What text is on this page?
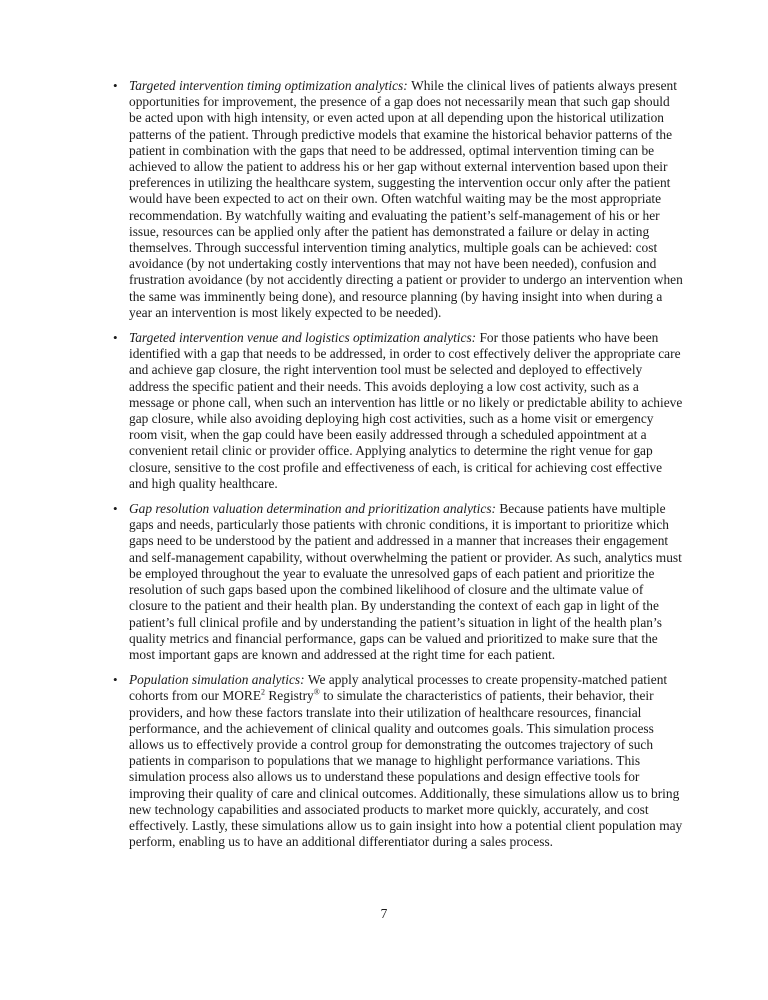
• Targeted intervention timing optimization analytics: While the clinical lives of patients always present opportunities for improvement, the presence of a gap does not necessarily mean that such gap should be acted upon with high intensity, or even acted upon at all depending upon the historical utilization patterns of the patient. Through predictive models that examine the historical behavior patterns of the patient in combination with the gaps that need to be addressed, optimal intervention timing can be achieved to allow the patient to address his or her gap without external intervention based upon their preferences in utilizing the healthcare system, suggesting the intervention occur only after the patient would have been expected to act on their own. Often watchful waiting may be the most appropriate recommendation. By watchfully waiting and evaluating the patient’s self-management of his or her issue, resources can be applied only after the patient has demonstrated a failure or delay in acting themselves. Through successful intervention timing analytics, multiple goals can be achieved: cost avoidance (by not undertaking costly interventions that may not have been needed), confusion and frustration avoidance (by not accidently directing a patient or provider to undergo an intervention when the same was imminently being done), and resource planning (by having insight into when during a year an intervention is most likely expected to be needed).
• Targeted intervention venue and logistics optimization analytics: For those patients who have been identified with a gap that needs to be addressed, in order to cost effectively deliver the appropriate care and achieve gap closure, the right intervention tool must be selected and deployed to effectively address the specific patient and their needs. This avoids deploying a low cost activity, such as a message or phone call, when such an intervention has little or no likely or predictable ability to achieve gap closure, while also avoiding deploying high cost activities, such as a home visit or emergency room visit, when the gap could have been easily addressed through a scheduled appointment at a convenient retail clinic or provider office. Applying analytics to determine the right venue for gap closure, sensitive to the cost profile and effectiveness of each, is critical for achieving cost effective and high quality healthcare.
• Gap resolution valuation determination and prioritization analytics: Because patients have multiple gaps and needs, particularly those patients with chronic conditions, it is important to prioritize which gaps need to be understood by the patient and addressed in a manner that increases their engagement and self-management capability, without overwhelming the patient or provider. As such, analytics must be employed throughout the year to evaluate the unresolved gaps of each patient and prioritize the resolution of such gaps based upon the combined likelihood of closure and the ultimate value of closure to the patient and their health plan. By understanding the context of each gap in light of the patient’s full clinical profile and by understanding the patient’s situation in light of the health plan’s quality metrics and financial performance, gaps can be valued and prioritized to make sure that the most important gaps are known and addressed at the right time for each patient.
• Population simulation analytics: We apply analytical processes to create propensity-matched patient cohorts from our MORE$^2$ Registry® to simulate the characteristics of patients, their behavior, their providers, and how these factors translate into their utilization of healthcare resources, financial performance, and the achievement of clinical quality and outcomes goals. This simulation process allows us to effectively provide a control group for demonstrating the outcomes trajectory of such patients in comparison to populations that we manage to highlight performance variations. This simulation process also allows us to understand these populations and design effective tools for improving their quality of care and clinical outcomes. Additionally, these simulations allow us to bring new technology capabilities and associated products to market more quickly, accurately, and cost effectively. Lastly, these simulations allow us to gain insight into how a potential client population may perform, enabling us to have an additional differentiator during a sales process.
7
